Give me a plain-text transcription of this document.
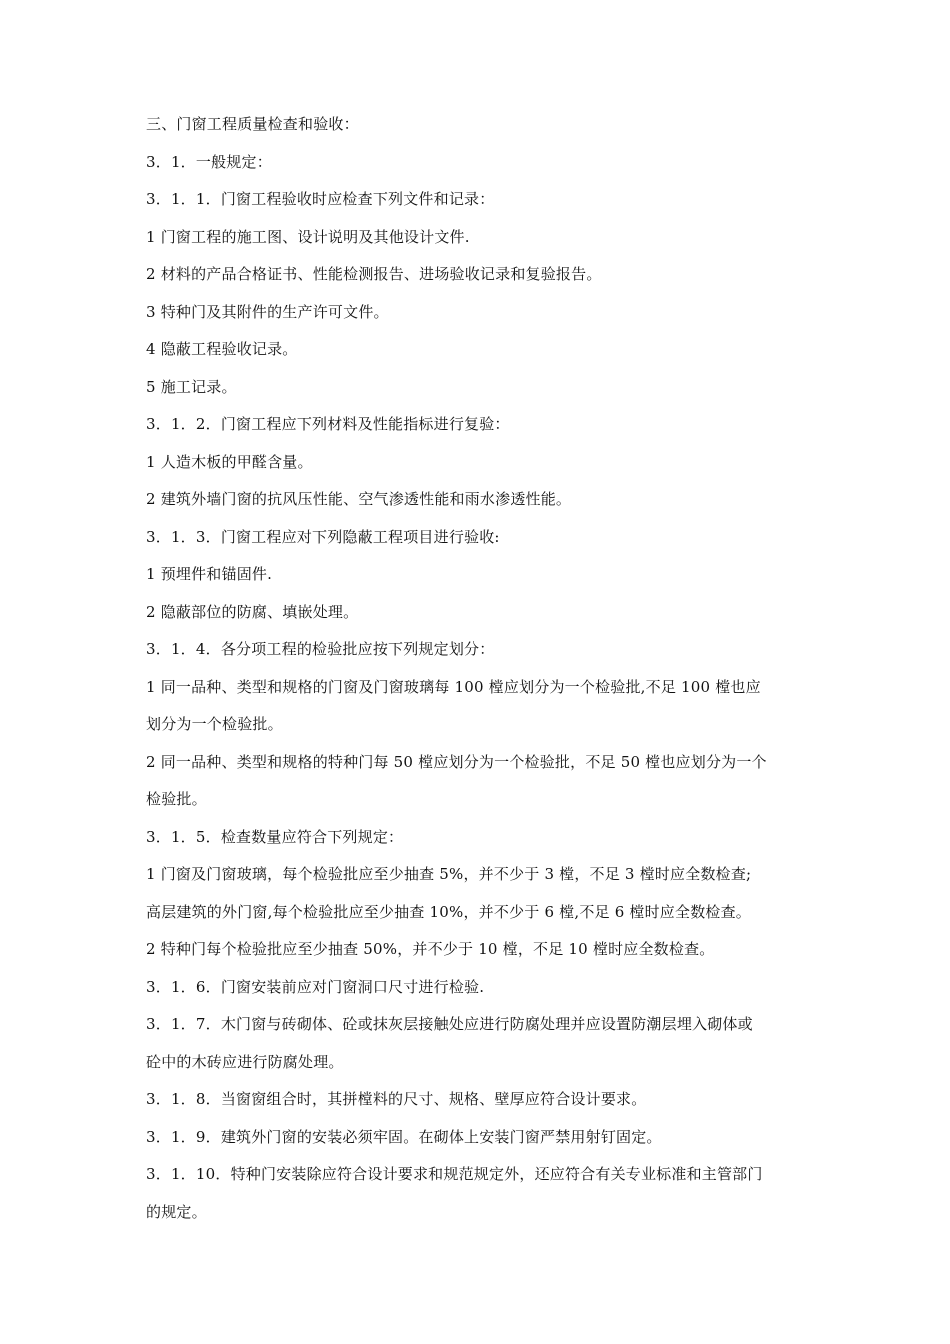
三、门窗工程质量检查和验收：
3．1．一般规定：
3．1．1．门窗工程验收时应检查下列文件和记录：
1 门窗工程的施工图、设计说明及其他设计文件.
2 材料的产品合格证书、性能检测报告、进场验收记录和复验报告。
3 特种门及其附件的生产许可文件。
4 隐蔽工程验收记录。
5 施工记录。
3．1．2．门窗工程应下列材料及性能指标进行复验：
1 人造木板的甲醛含量。
2 建筑外墙门窗的抗风压性能、空气渗透性能和雨水渗透性能。
3．1．3．门窗工程应对下列隐蔽工程项目进行验收:
1 预埋件和锚固件.
2 隐蔽部位的防腐、填嵌处理。
3．1．4．各分项工程的检验批应按下列规定划分：
1 同一品种、类型和规格的门窗及门窗玻璃每 100 樘应划分为一个检验批,不足 100 樘也应
划分为一个检验批。
2 同一品种、类型和规格的特种门每 50 樘应划分为一个检验批，不足 50 樘也应划分为一个
检验批。
3．1．5．检查数量应符合下列规定：
1 门窗及门窗玻璃，每个检验批应至少抽查 5%，并不少于 3 樘，不足 3 樘时应全数检查;
高层建筑的外门窗,每个检验批应至少抽查 10%，并不少于 6 樘,不足 6 樘时应全数检查。
2 特种门每个检验批应至少抽查 50%，并不少于 10 樘，不足 10 樘时应全数检查。
3．1．6．门窗安装前应对门窗洞口尺寸进行检验.
3．1．7．木门窗与砖砌体、砼或抹灰层接触处应进行防腐处理并应设置防潮层埋入砌体或
砼中的木砖应进行防腐处理。
3．1．8．当窗窗组合时，其拼樘料的尺寸、规格、壁厚应符合设计要求。
3．1．9．建筑外门窗的安装必须牢固。在砌体上安装门窗严禁用射钉固定。
3．1．10．特种门安装除应符合设计要求和规范规定外，还应符合有关专业标准和主管部门
的规定。
